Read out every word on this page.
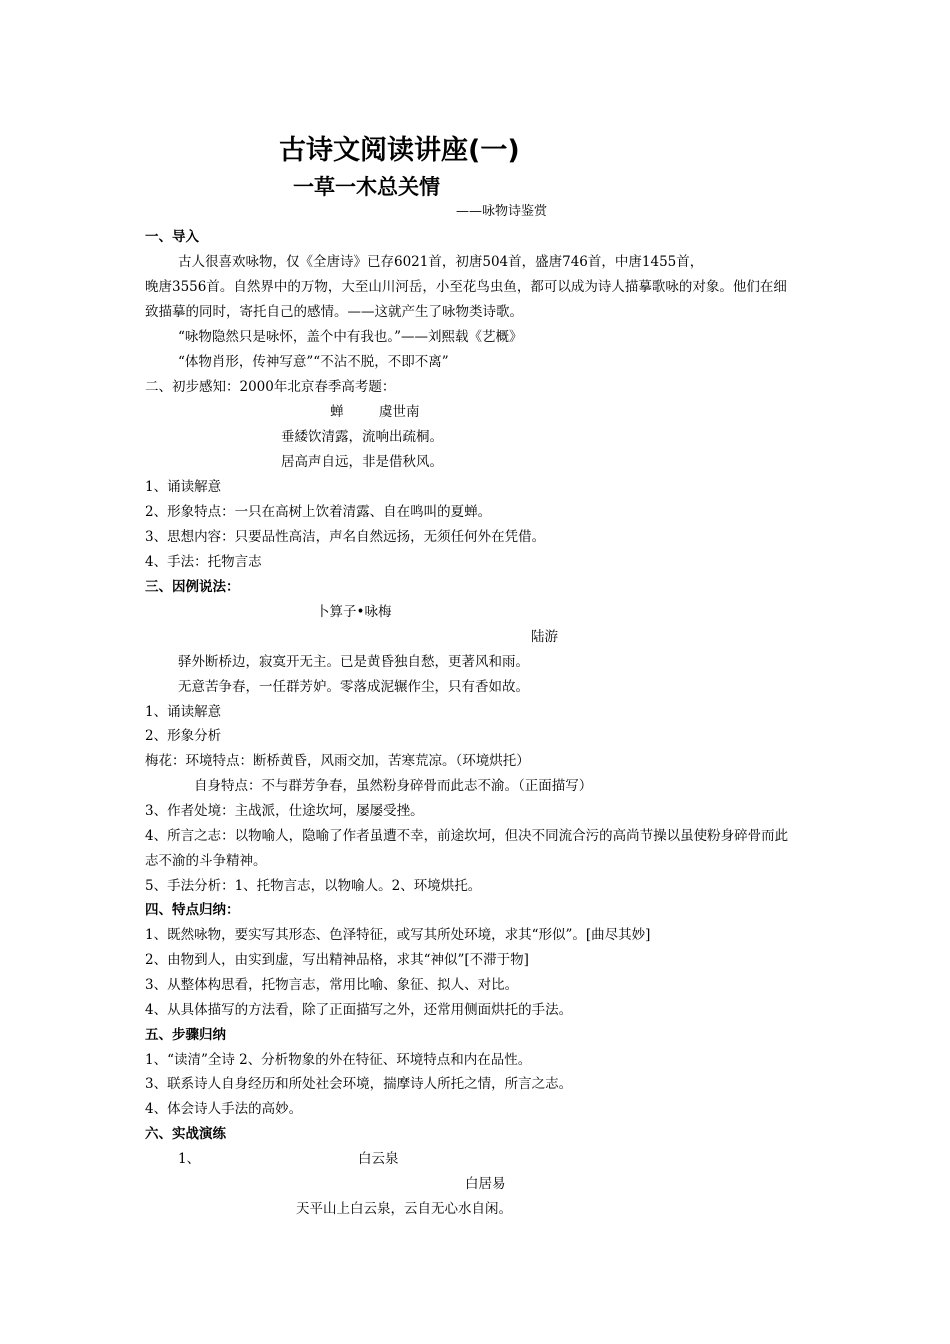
古诗文阅读讲座(一)
一草一木总关情
——咏物诗鉴赏
一、导入
古人很喜欢咏物，仅《全唐诗》已存6021首，初唐504首，盛唐746首，中唐1455首，
晚唐3556首。自然界中的万物，大至山川河岳，小至花鸟虫鱼，都可以成为诗人描摹歌咏的对象。他们在细
致描摹的同时，寄托自己的感情。——这就产生了咏物类诗歌。
“咏物隐然只是咏怀，盖个中有我也。”——刘熙载《艺概》
“体物肖形，传神写意”“不沾不脱，不即不离”
二、初步感知：2000年北京春季高考题：
蝉	虞世南
垂緌饮清露，流响出疏桐。
居高声自远，非是借秋风。
1、诵读解意
2、形象特点：一只在高树上饮着清露、自在鸣叫的夏蝉。
3、思想内容：只要品性高洁，声名自然远扬，无须任何外在凭借。
4、手法：托物言志
三、因例说法：
卜算子•咏梅
陆游
驿外断桥边，寂寞开无主。已是黄昏独自愁，更著风和雨。
无意苦争春，一任群芳妒。零落成泥辗作尘，只有香如故。
1、诵读解意
2、形象分析
梅花：环境特点：断桥黄昏，风雨交加，苦寒荒凉。（环境烘托）
自身特点：不与群芳争春，虽然粉身碎骨而此志不渝。（正面描写）
3、作者处境：主战派，仕途坎坷，屡屡受挫。
4、所言之志：以物喻人，隐喻了作者虽遭不幸，前途坎坷，但决不同流合污的高尚节操以虽使粉身碎骨而此
志不渝的斗争精神。
5、手法分析：1、托物言志，以物喻人。2、环境烘托。
四、特点归纳：
1、既然咏物，要实写其形态、色泽特征，或写其所处环境，求其“形似”。[曲尽其妙]
2、由物到人，由实到虚，写出精神品格，求其“神似”[不滞于物]
3、从整体构思看，托物言志，常用比喻、象征、拟人、对比。
4、从具体描写的方法看，除了正面描写之外，还常用侧面烘托的手法。
五、步骤归纳
1、“读清”全诗 2、分析物象的外在特征、环境特点和内在品性。
3、联系诗人自身经历和所处社会环境，揣摩诗人所托之情，所言之志。
4、体会诗人手法的高妙。
六、实战演练
1、	白云泉
白居易
天平山上白云泉，云自无心水自闲。
